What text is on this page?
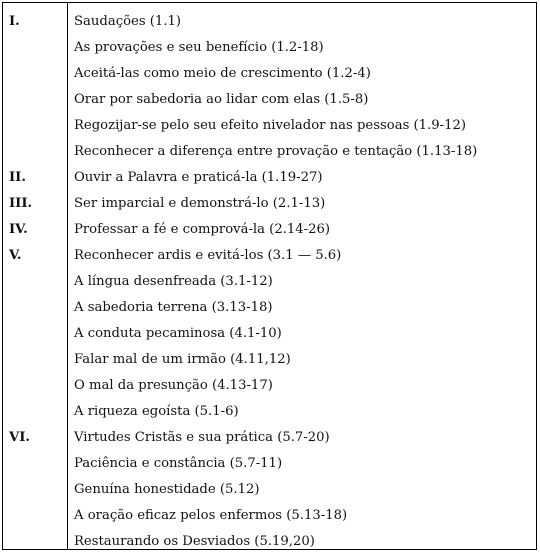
I.	Saudações (1.1)
As provações e seu benefício (1.2-18)
Aceitá-las como meio de crescimento (1.2-4)
Orar por sabedoria ao lidar com elas (1.5-8)
Regozijar-se pelo seu efeito nivelador nas pessoas (1.9-12)
Reconhecer a diferença entre provação e tentação (1.13-18)
II.	Ouvir a Palavra e praticá-la (1.19-27)
III.	Ser imparcial e demonstrá-lo (2.1-13)
IV.	Professar a fé e comprová-la (2.14-26)
V.	Reconhecer ardis e evitá-los (3.1 — 5.6)
A língua desenfreada (3.1-12)
A sabedoria terrena (3.13-18)
A conduta pecaminosa (4.1-10)
Falar mal de um irmão (4.11,12)
O mal da presunção (4.13-17)
A riqueza egoísta (5.1-6)
VI.	Virtudes Cristãs e sua prática (5.7-20)
Paciência e constância (5.7-11)
Genuína honestidade (5.12)
A oração eficaz pelos enfermos (5.13-18)
Restaurando os Desviados (5.19,20)
